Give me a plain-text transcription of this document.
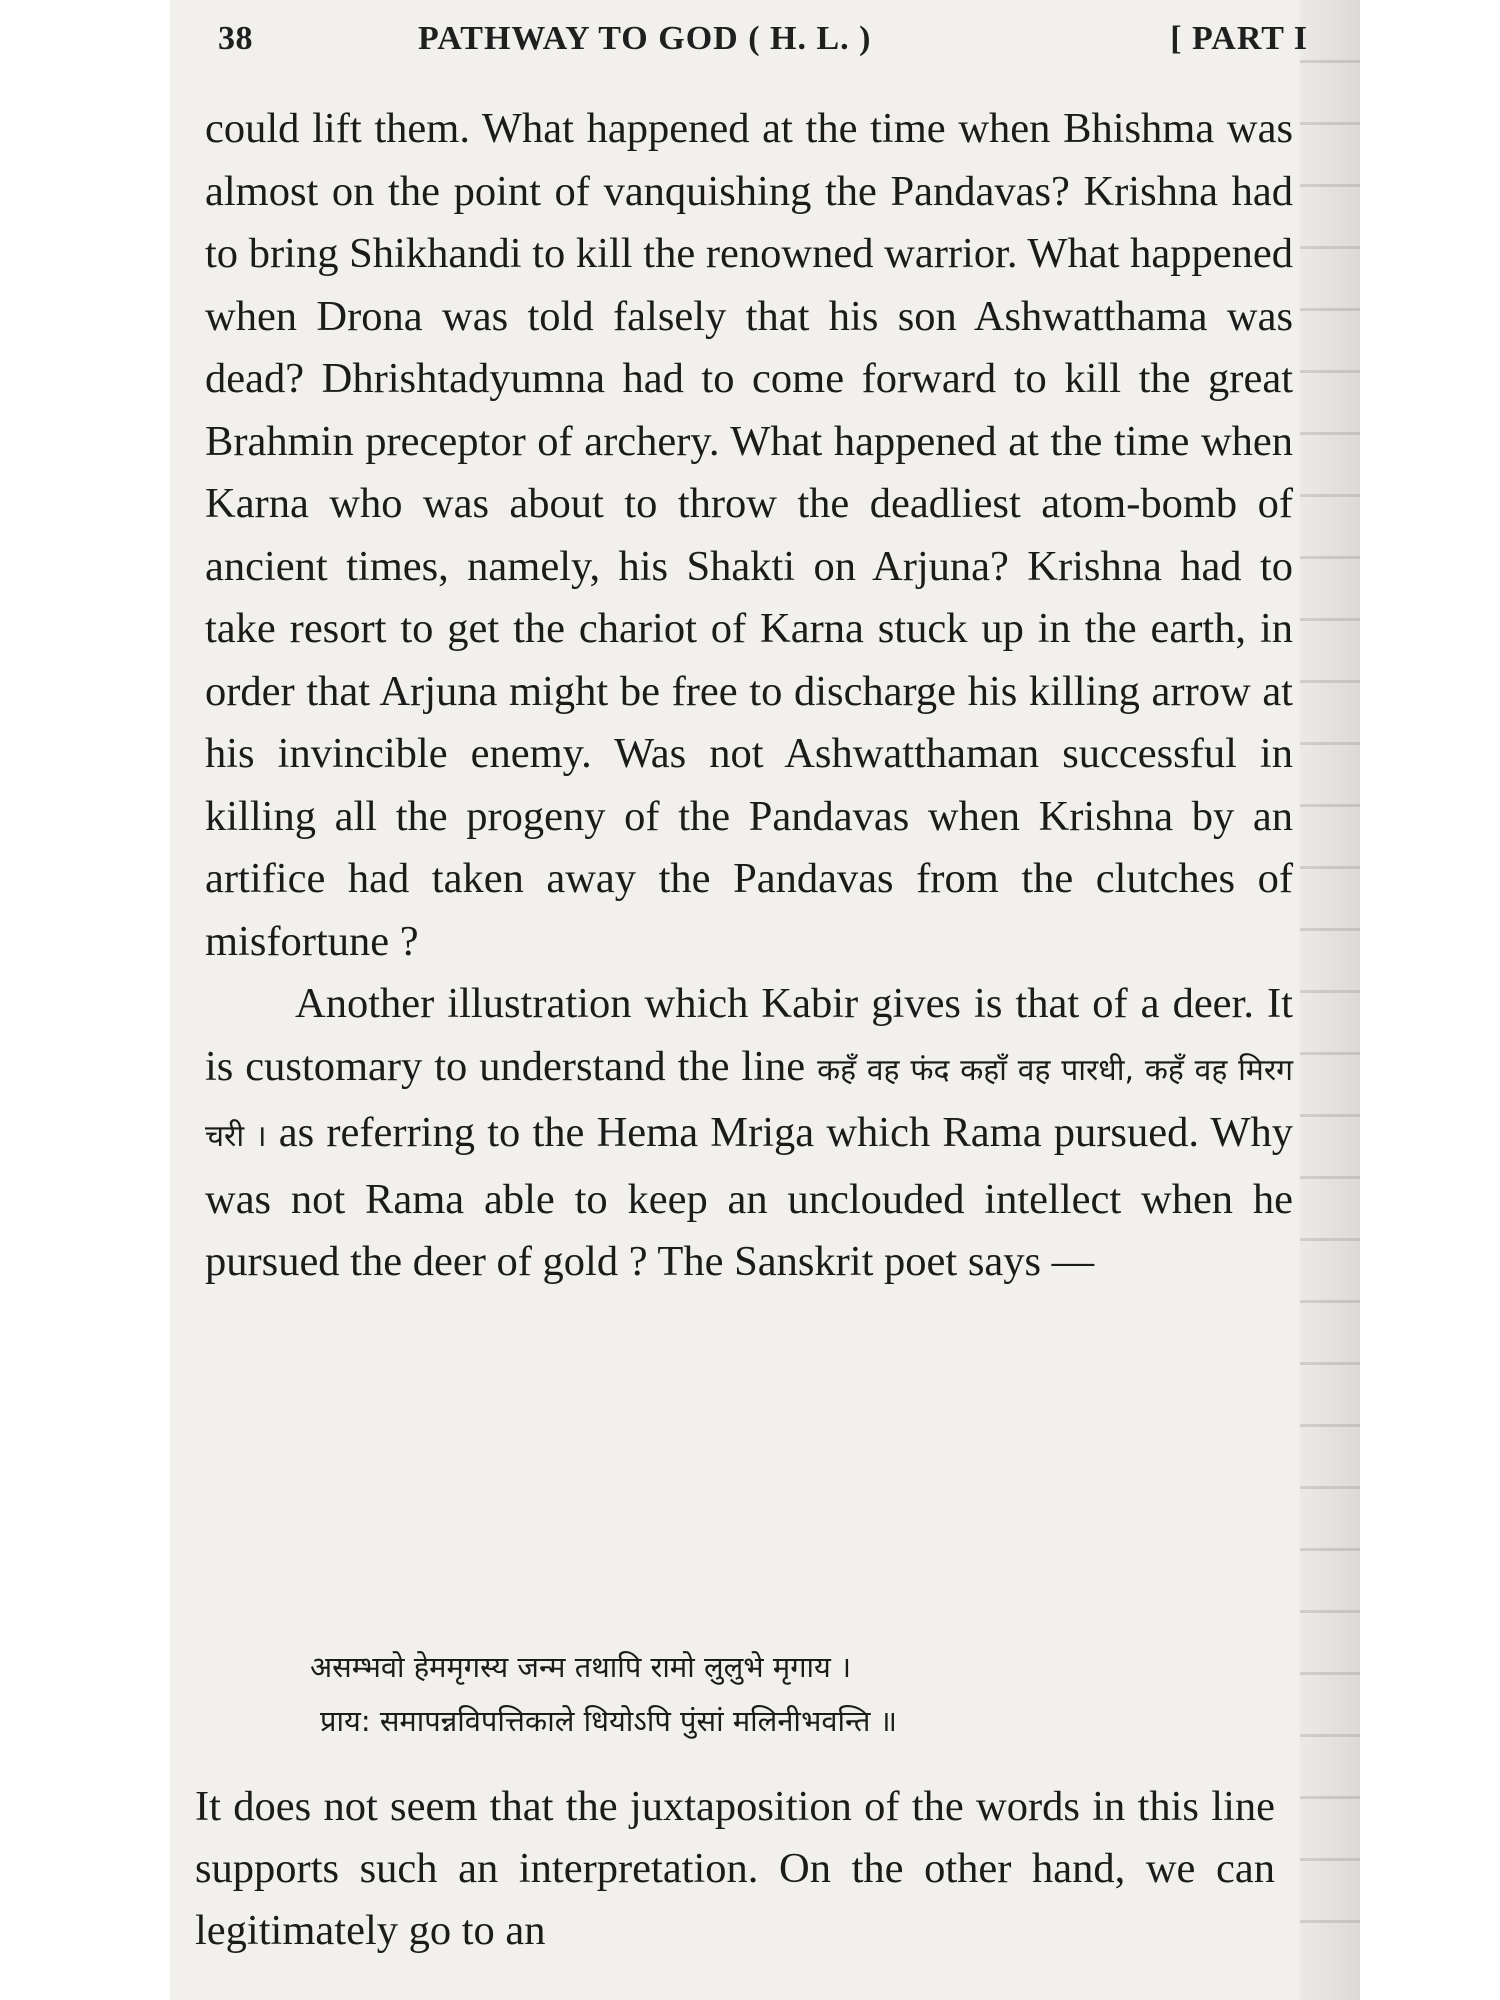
38	PATHWAY TO GOD ( H. L. )	[ PART I

could lift them. What happened at the time when Bhishma was almost on the point of vanquishing the Pandavas? Krishna had to bring Shikhandi to kill the renowned warrior. What happened when Drona was told falsely that his son Ashwatthama was dead? Dhrishtadyumna had to come forward to kill the great Brahmin preceptor of archery. What happened at the time when Karna who was about to throw the deadliest atom-bomb of ancient times, namely, his Shakti on Arjuna? Krishna had to take resort to get the chariot of Karna stuck up in the earth, in order that Arjuna might be free to discharge his killing arrow at his invincible enemy. Was not Ashwatthaman successful in killing all the progeny of the Pandavas when Krishna by an artifice had taken away the Pandavas from the clutches of misfortune ?

Another illustration which Kabir gives is that of a deer. It is customary to understand the line कहँ वह फंद कहाँ वह पारधी, कहँ वह मिरग चरी । as referring to the Hema Mriga which Rama pursued. Why was not Rama able to keep an unclouded intellect when he pursued the deer of gold ? The Sanskrit poet says —

असम्भवो हेममृगस्य जन्म तथापि रामो लुलुभे मृगाय ।
प्राय: समापन्नविपत्तिकाले धियोऽपि पुंसां मलिनीभवन्ति ॥
It does not seem that the juxtaposition of the words in this line supports such an interpretation. On the other hand, we can legitimately go to an
